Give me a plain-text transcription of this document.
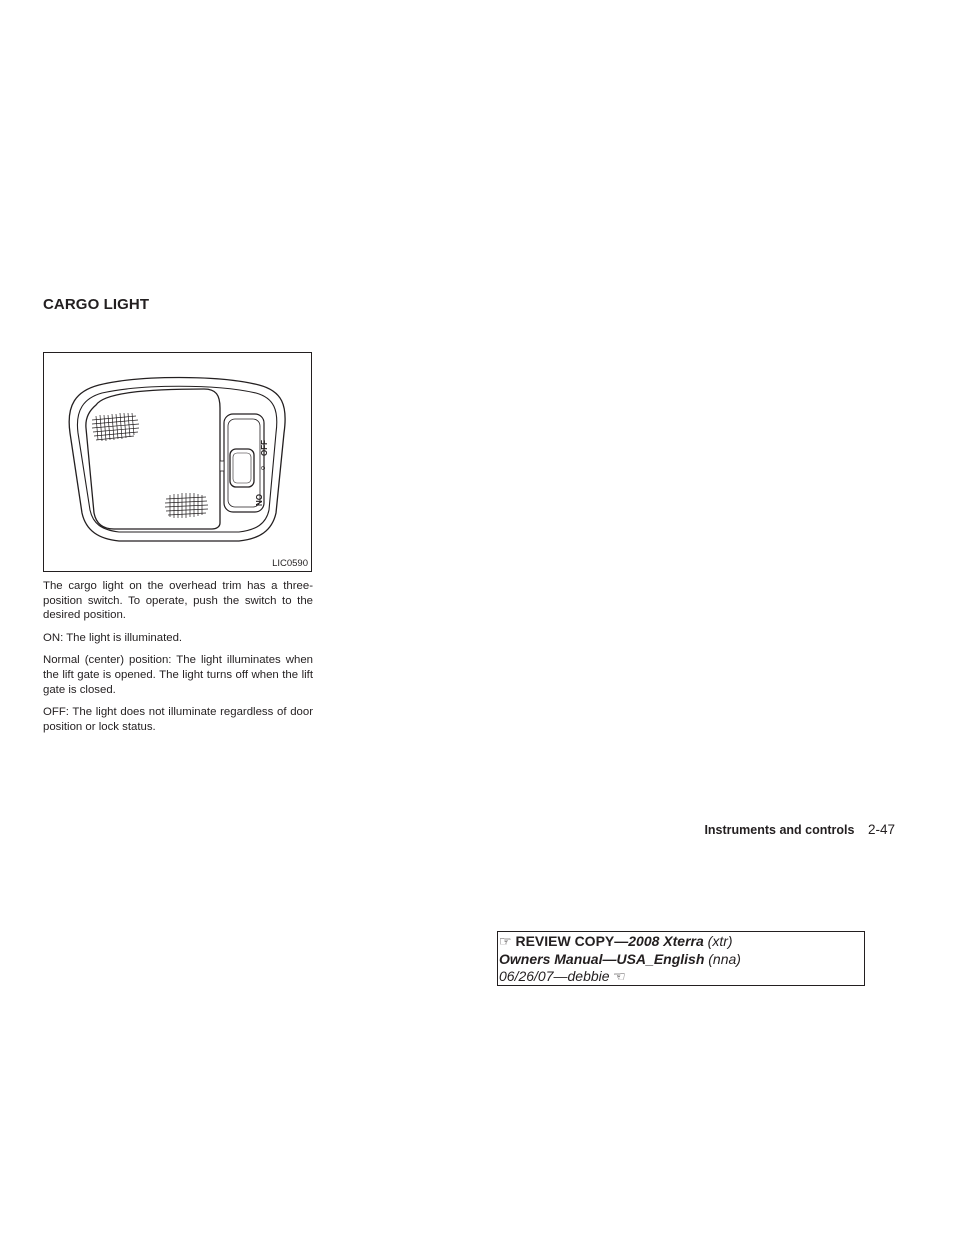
CARGO LIGHT
OFF
o
ON
LIC0590

The cargo light on the overhead trim has a three-position switch. To operate, push the switch to the desired position.

ON: The light is illuminated.

Normal (center) position: The light illuminates when the lift gate is opened. The light turns off when the lift gate is closed.

OFF: The light does not illuminate regardless of door position or lock status.

Instruments and controls 2-47
☞ REVIEW COPY—2008 Xterra (xtr)
Owners Manual—USA_English (nna)
06/26/07—debbie ☞
